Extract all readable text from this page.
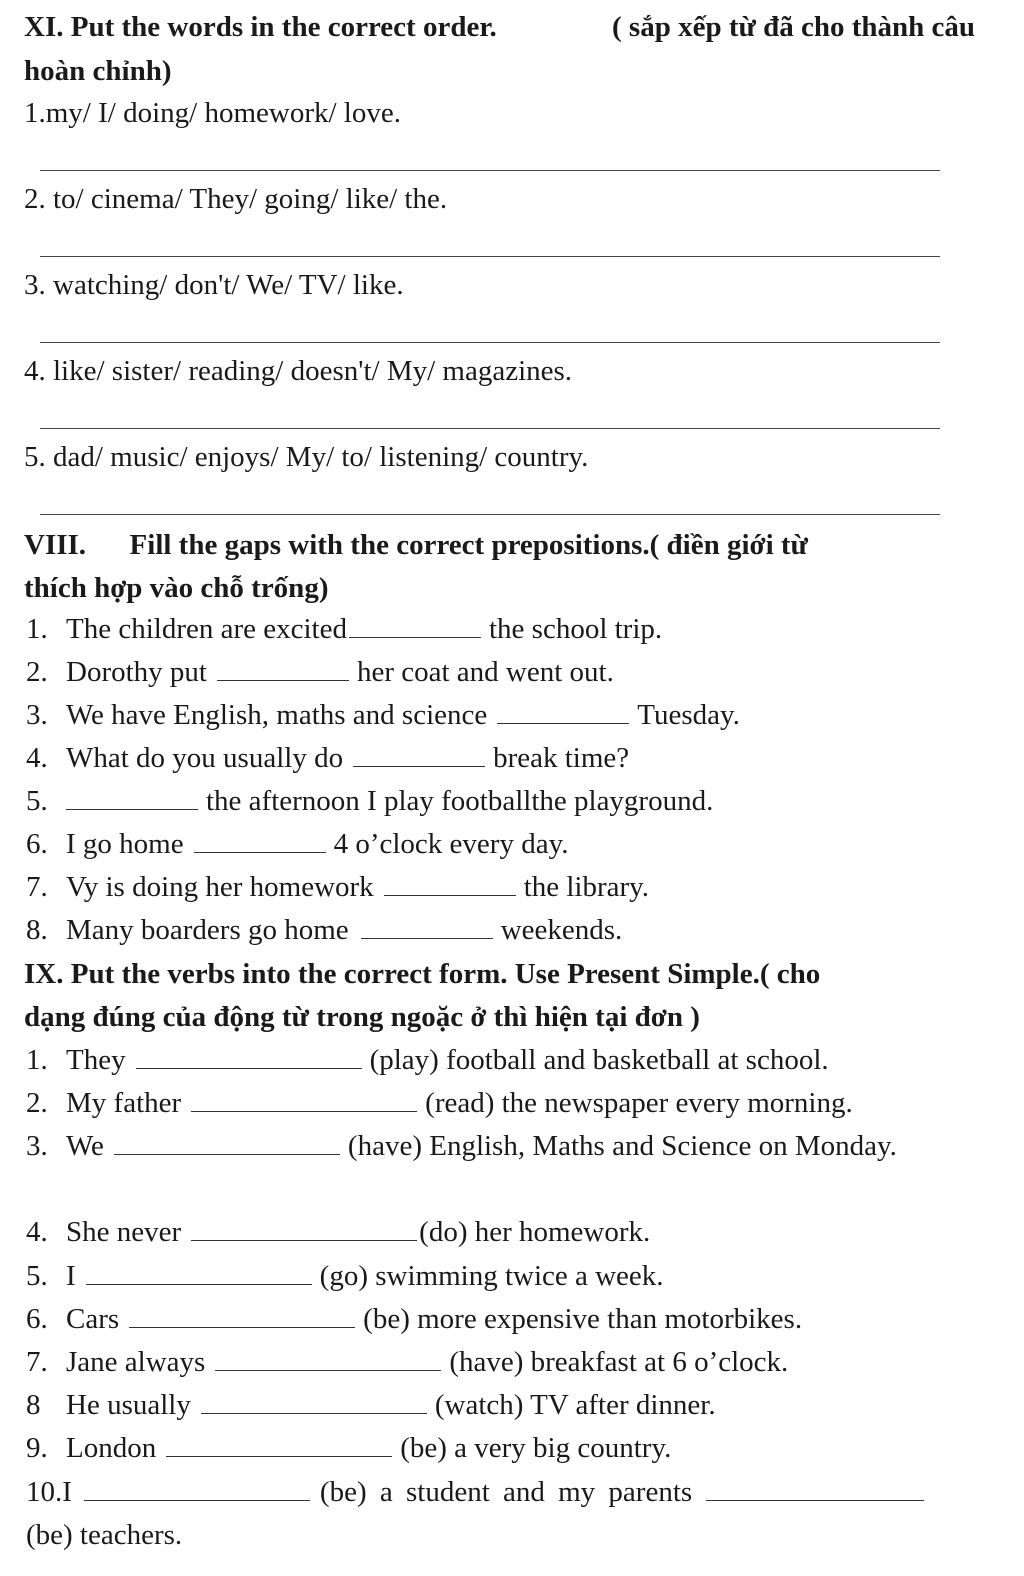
XI. Put the words in the correct order.	( sắp xếp từ đã cho thành câu
hoàn chỉnh)
1.my/ I/ doing/ homework/ love.
2. to/ cinema/ They/ going/ like/ the.
3. watching/ don't/ We/ TV/ like.
4. like/ sister/ reading/ doesn't/ My/ magazines.
5. dad/ music/ enjoys/ My/ to/ listening/ country.
VIII.      Fill the gaps with the correct prepositions.( điền giới từ
thích hợp vào chỗ trống)
1. The children are excited	the school trip.
2. Dorothy put	her coat and went out.
3. We have English, maths and science	Tuesday.
4. What do you usually do	break time?
5.	the afternoon I play footballthe playground.
6. I go home	4 o’clock every day.
7. Vy is doing her homework	the library.
8. Many boarders go home	weekends.
IX. Put the verbs into the correct form. Use Present Simple.( cho
dạng đúng của động từ trong ngoặc ở thì hiện tại đơn )
1. They	(play) football and basketball at school.
2. My father	(read) the newspaper every morning.
3. We	(have) English, Maths and Science on Monday.
4. She never	(do) her homework.
5. I	(go) swimming twice a week.
6. Cars	(be) more expensive than motorbikes.
7. Jane always	(have) breakfast at 6 o’clock.
8 He usually	(watch) TV after dinner.
9. London	(be) a very big country.
10.I	(be) a student and my parents
(be) teachers.
